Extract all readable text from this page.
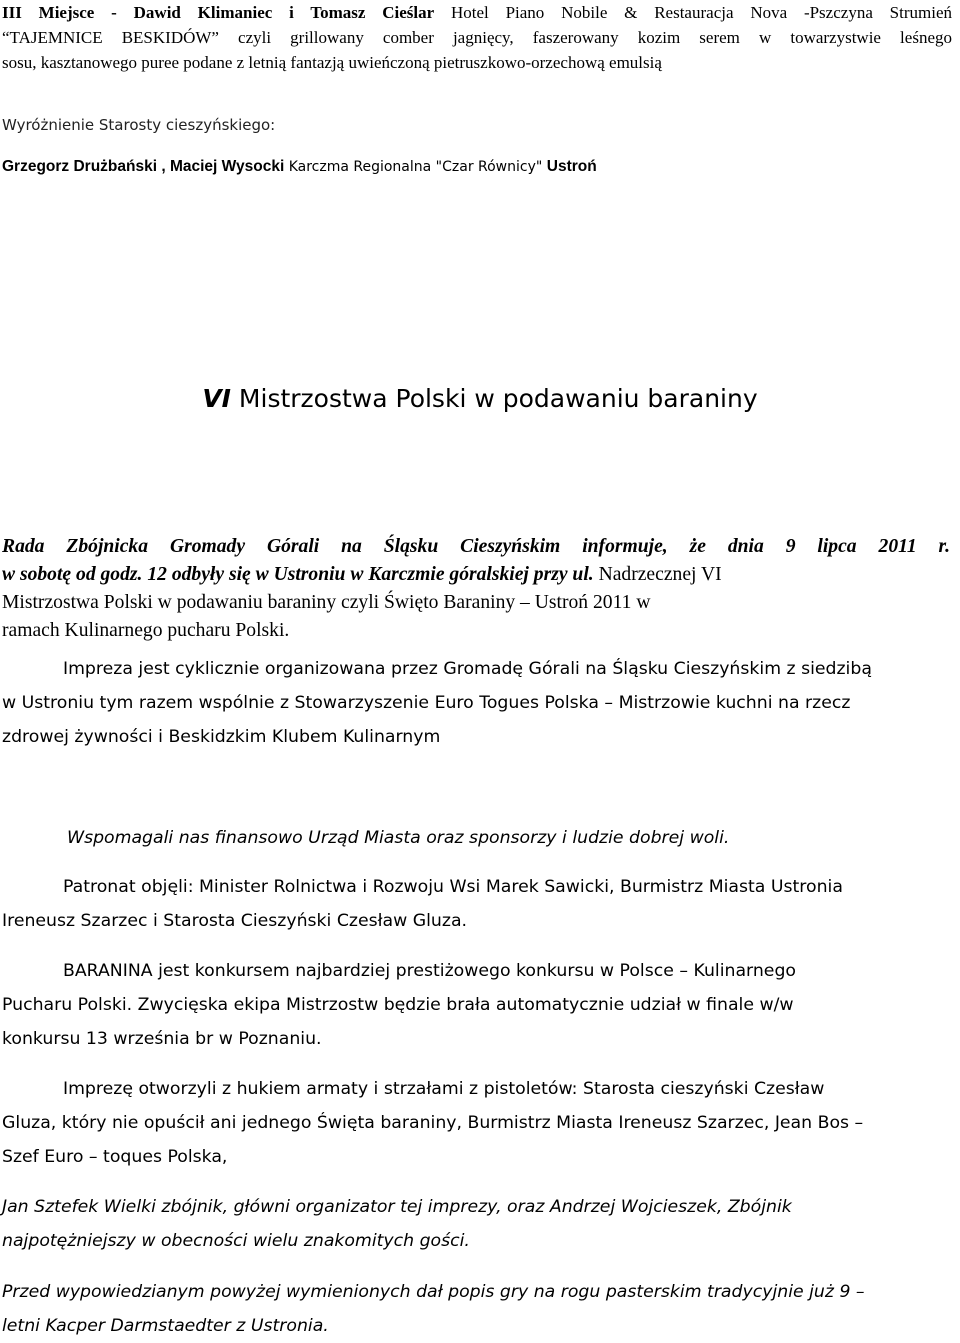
III Miejsce - Dawid Klimaniec i Tomasz Cieślar Hotel Piano Nobile & Restauracja Nova -Pszczyna Strumień

“TAJEMNICE BESKIDÓW” czyli grillowany comber jagnięcy, faszerowany kozim serem w towarzystwie leśnego

sosu, kasztanowego puree podane z letnią fantazją uwieńczoną pietruszkowo-orzechową emulsią

Wyróżnienie Starosty cieszyńskiego:

Grzegorz Drużbański , Maciej Wysocki Karczma Regionalna "Czar Równicy" Ustroń

VI Mistrzostwa Polski w podawaniu baraniny

Rada Zbójnicka Gromady Górali na Śląsku Cieszyńskim informuje, że dnia 9 lipca 2011 r.

w sobotę od godz. 12 odbyły się w Ustroniu w Karczmie góralskiej przy ul. Nadrzecznej VI

Mistrzostwa Polski w podawaniu baraniny czyli Święto Baraniny – Ustroń 2011 w

ramach Kulinarnego pucharu Polski.

Impreza jest cyklicznie organizowana przez Gromadę Górali na Śląsku Cieszyńskim z siedzibą

w Ustroniu tym razem wspólnie z Stowarzyszenie Euro Togues Polska – Mistrzowie kuchni na rzecz

zdrowej żywności i Beskidzkim Klubem Kulinarnym

Wspomagali nas finansowo Urząd Miasta oraz sponsorzy i ludzie dobrej woli.

Patronat objęli: Minister Rolnictwa i Rozwoju Wsi Marek Sawicki, Burmistrz Miasta Ustronia

Ireneusz Szarzec i Starosta Cieszyński Czesław Gluza.

BARANINA jest konkursem najbardziej prestiżowego konkursu w Polsce – Kulinarnego

Pucharu Polski. Zwycięska ekipa Mistrzostw będzie brała automatycznie udział w finale w/w

konkursu 13 września br w Poznaniu.

Imprezę otworzyli z hukiem armaty i strzałami z pistoletów: Starosta cieszyński Czesław

Gluza, który nie opuścił ani jednego Święta baraniny, Burmistrz Miasta Ireneusz Szarzec, Jean Bos –

Szef Euro – toques Polska,

Jan Sztefek Wielki zbójnik, główni organizator tej imprezy, oraz Andrzej Wojcieszek, Zbójnik

najpotężniejszy w obecności wielu znakomitych gości.

Przed wypowiedzianym powyżej wymienionych dał popis gry na rogu pasterskim tradycyjnie już 9 –

letni Kacper Darmstaedter z Ustronia.
